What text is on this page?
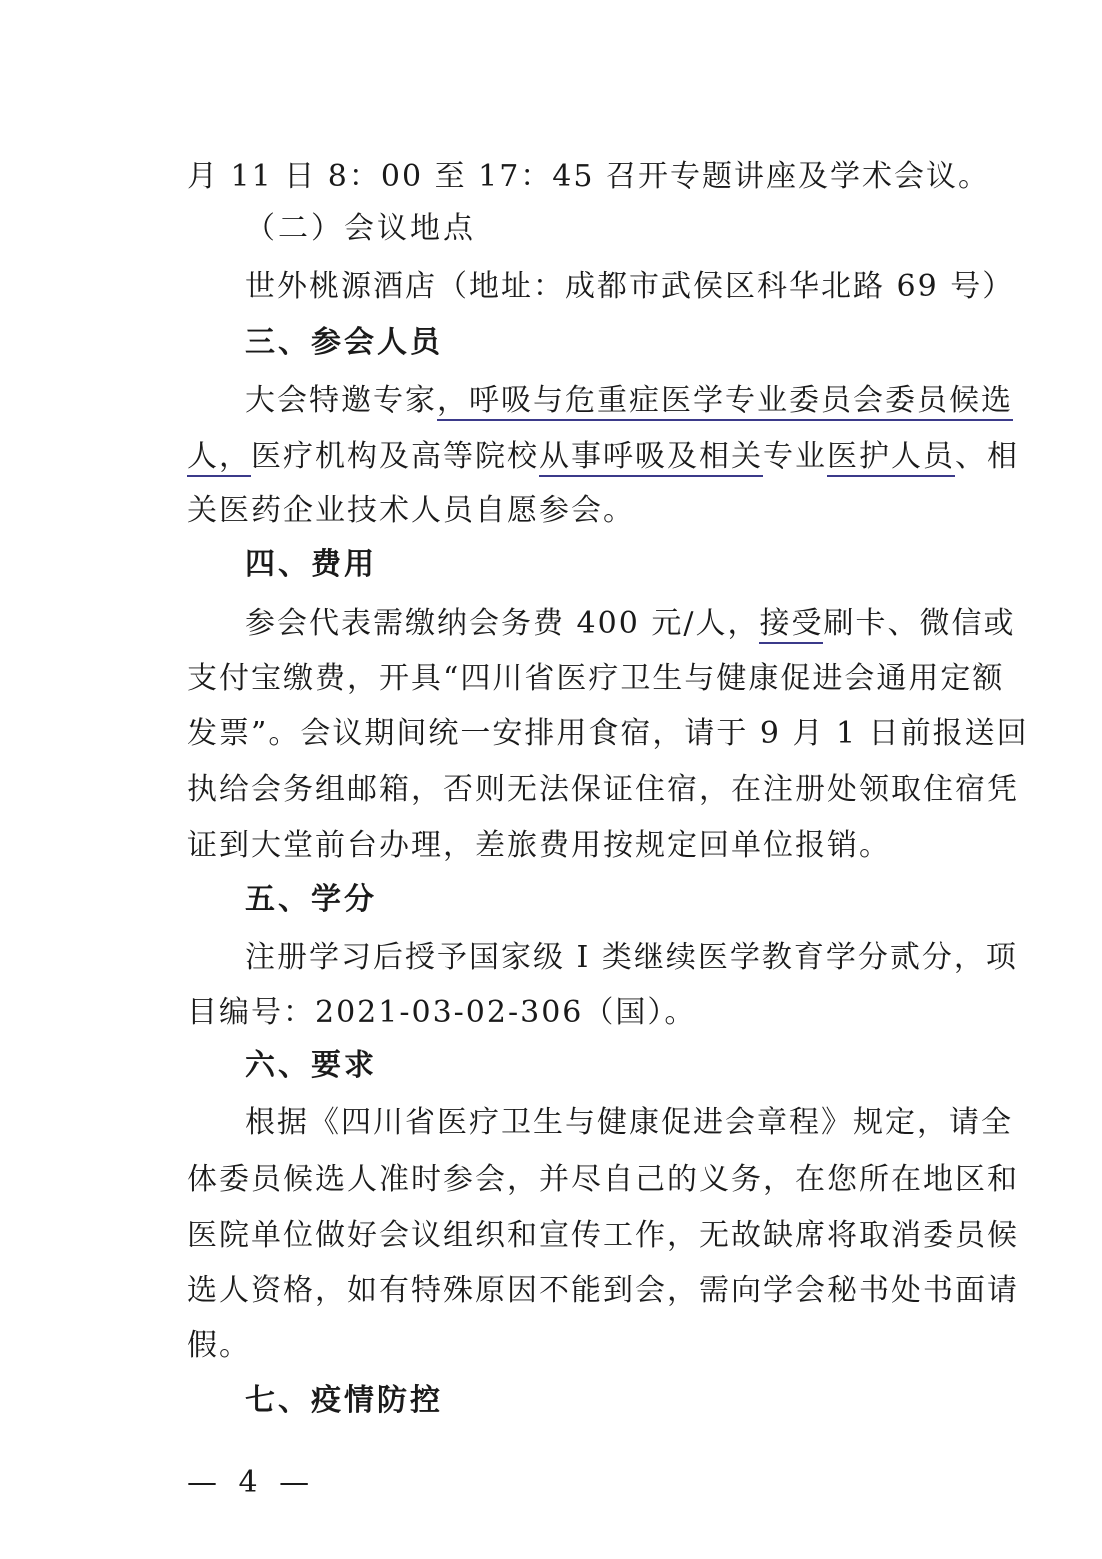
月 11 日 8：00 至 17：45 召开专题讲座及学术会议。
（二）会议地点
世外桃源酒店（地址：成都市武侯区科华北路 69 号）
三、参会人员
大会特邀专家，呼吸与危重症医学专业委员会委员候选
人，医疗机构及高等院校从事呼吸及相关专业医护人员、相
关医药企业技术人员自愿参会。
四、费用
参会代表需缴纳会务费 400 元/人，接受刷卡、微信或
支付宝缴费，开具“四川省医疗卫生与健康促进会通用定额
发票”。会议期间统一安排用食宿，请于 9 月 1 日前报送回
执给会务组邮箱，否则无法保证住宿，在注册处领取住宿凭
证到大堂前台办理，差旅费用按规定回单位报销。
五、学分
注册学习后授予国家级 I 类继续医学教育学分贰分，项
目编号：2021-03-02-306（国）。
六、要求
根据《四川省医疗卫生与健康促进会章程》规定，请全
体委员候选人准时参会，并尽自己的义务，在您所在地区和
医院单位做好会议组织和宣传工作，无故缺席将取消委员候
选人资格，如有特殊原因不能到会，需向学会秘书处书面请
假。
七、疫情防控
— 4 —
